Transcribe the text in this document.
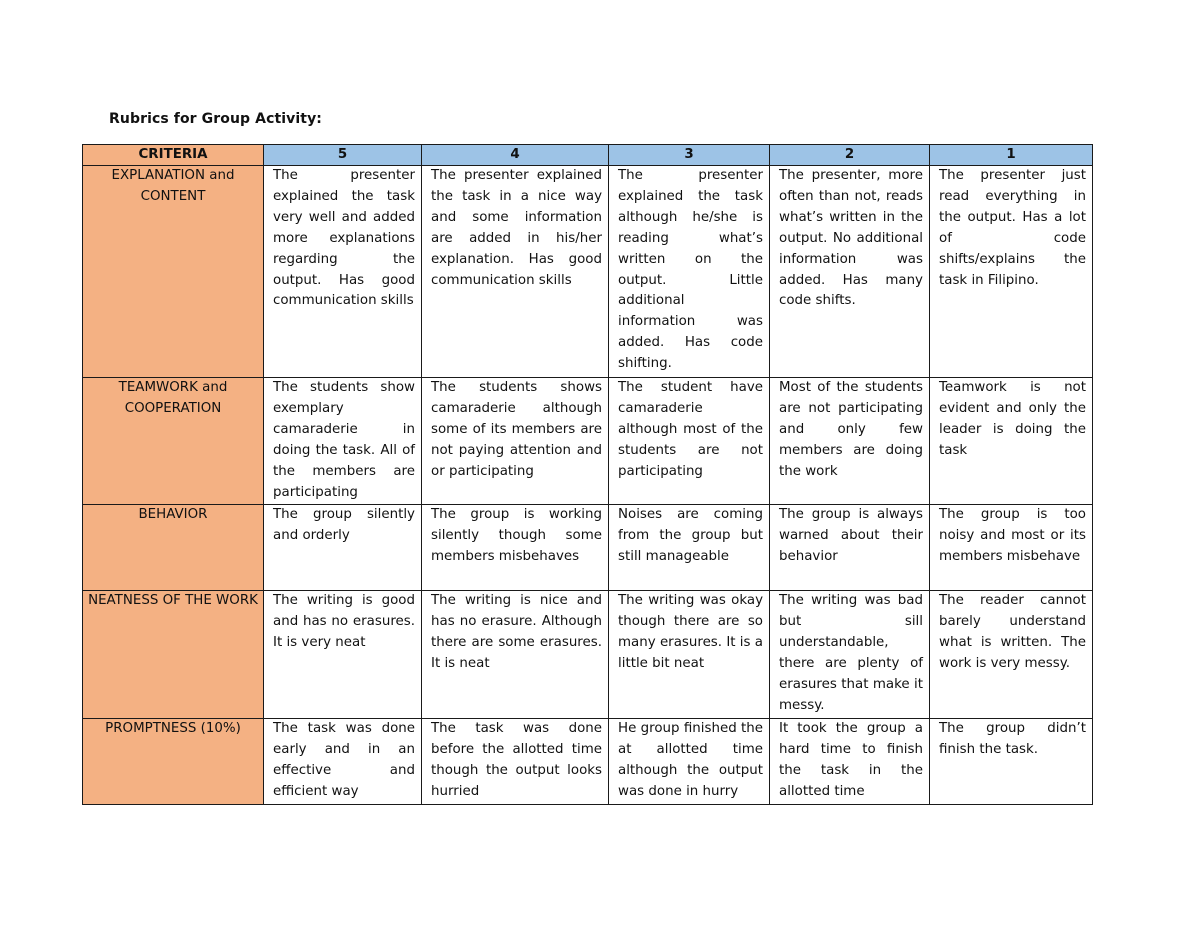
Rubrics for Group Activity:
CRITERIA	5	4	3	2	1
EXPLANATION and CONTENT	The presenter explained the task very well and added more explanations regarding the output. Has good communication skills	The presenter explained the task in a nice way and some information are added in his/her explanation. Has good communication skills	The presenter explained the task although he/she is reading what’s written on the output. Little additional information was added. Has code shifting.	The presenter, more often than not, reads what’s written in the output. No additional information was added. Has many code shifts.	The presenter just read everything in the output. Has a lot of code shifts/explains the task in Filipino.
TEAMWORK and COOPERATION	The students show exemplary camaraderie in doing the task. All of the members are participating	The students shows camaraderie although some of its members are not paying attention and or participating	The student have camaraderie although most of the students are not participating	Most of the students are not participating and only few members are doing the work	Teamwork is not evident and only the leader is doing the task
BEHAVIOR	The group silently and orderly	The group is working silently though some members misbehaves	Noises are coming from the group but still manageable	The group is always warned about their behavior	The group is too noisy and most or its members misbehave
NEATNESS OF THE WORK	The writing is good and has no erasures. It is very neat	The writing is nice and has no erasure. Although there are some erasures. It is neat	The writing was okay though there are so many erasures. It is a little bit neat	The writing was bad but sill understandable, there are plenty of erasures that make it messy.	The reader cannot barely understand what is written. The work is very messy.
PROMPTNESS (10%)	The task was done early and in an effective and efficient way	The task was done before the allotted time though the output looks hurried	He group finished the at allotted time although the output was done in hurry	It took the group a hard time to finish the task in the allotted time	The group didn’t finish the task.
